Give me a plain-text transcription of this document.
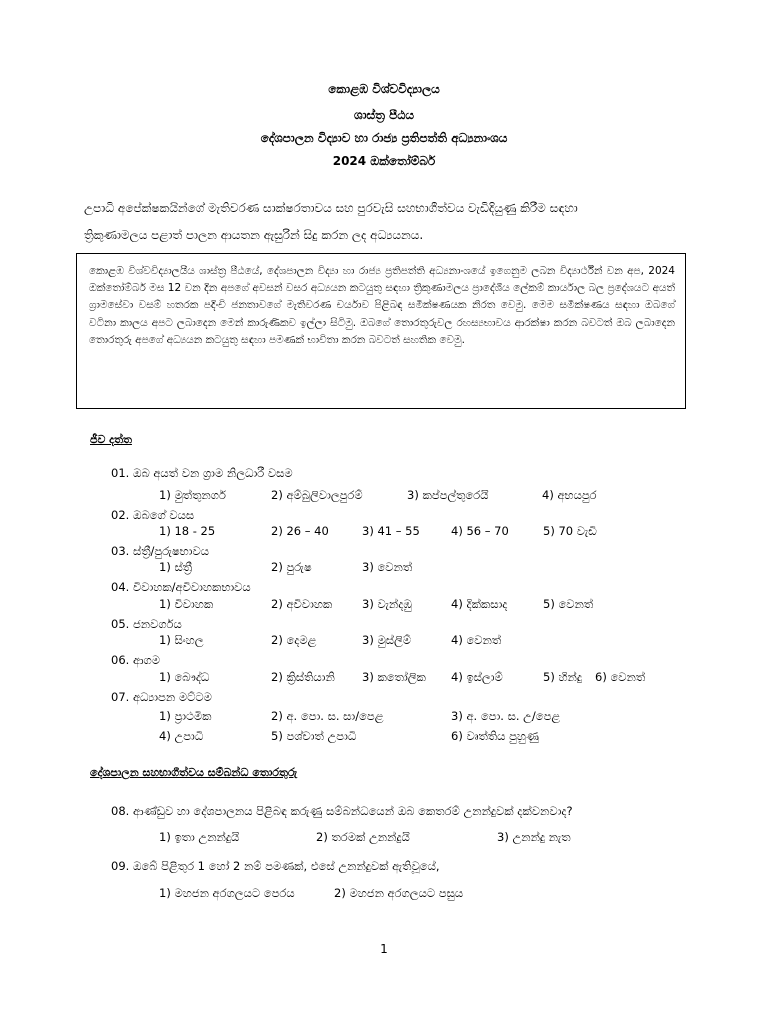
කොළඹ විශ්වවිද්‍යාලය
ශාස්ත්‍ර පීඨය
දේශපාලන විද්‍යාව හා රාජ්‍ය ප්‍රතිපත්ති අධ්‍යනාංශය
2024 ඔක්තෝම්බර්
උපාධි අපේක්ෂකයින්ගේ මැතිවරණ සාක්ෂරතාවය සහ පුරවැසි සහභාගීත්වය වැඩිදියුණු කිරීම සඳහා
ත්‍රිකුණාමලය පළාත් පාලන ආයතන ඇසුරින් සිදු කරන ලද අධ්‍යයනය.
කොළඹ විශ්වවිද්‍යාලයීය ශාස්ත්‍ර පීඨයේ, දේශපාලන විද්‍යා හා රාජ්‍ය ප්‍රතිපත්ති අධ්‍යනාංශයේ ඉගෙනුම ලබන විද්‍යාර්ථීන් වන අප, 2024 ඔක්තෝම්බර් මස 12 වන දින අපගේ අවසන් වසර අධ්‍යයන කටයුතු සඳහා ත්‍රිකුණාමලය ප්‍රාදේශීය ලේකම් කාර්යාල බල ප්‍රදේශයට අයත් ග්‍රාමසේවා වසම් හතරක පදිංචි ජනතාවගේ මැතිවරණ චර්යාව පිළිබඳ සමීක්ෂණයක නිරත වෙමු. මෙම සමීක්ෂණය සඳහා ඔබගේ වටිනා කාලය අපට ලබාදෙන මෙන් කාරුණිකව ඉල්ලා සිටිමු. ඔබගේ තොරතුරුවල රහස්‍යභාවය ආරක්ෂා කරන බවටත් ඔබ ලබාදෙන තොරතුරු අපගේ අධ්‍යයන කටයුතු සඳහා පමණක් භාවිතා කරන බවටත් සහතික වෙමු.
ජීව දත්ත
01. ඔබ අයත් වන ග්‍රාම නිලධාරී වසම
1) මුත්තුනගර්	2) අම්බුලිවාලපුරම්	3) කප්පල්තුරෙයි	4) අභයපුර
02. ඔබගේ වයස
1) 18 - 25	2) 26 – 40	3) 41 – 55	4) 56 – 70	5) 70 වැඩි
03. ස්ත්‍රී/පුරුෂභාවය
1) ස්ත්‍රී	2) පුරුෂ	3) වෙනත්
04. විවාහක/අවිවාහකභාවය
1) විවාහක	2) අවිවාහක	3) වැන්දඹු	4) දික්කසාද	5) වෙනත්
05. ජනවර්ගය
1) සිංහල	2) දෙමළ	3) මුස්ලිම්	4) වෙනත්
06. ආගම
1) බෞද්ධ	2) ක්‍රිස්තියානි 3) කතෝලික 4) ඉස්ලාම්	5) හින්දු 6) වෙනත්
07. අධ්‍යාපන මට්ටම
1) ප්‍රාථමික	2) අ. පො. ස. සා/පෙළ	3) අ. පො. ස. උ/පෙළ
4) උපාධි	5) පශ්චාත් උපාධි	6) වෘත්තිය පුහුණු
දේශපාලන සහභාගීත්වය සම්බන්ධ තොරතුරු
08. ආණ්ඩුව හා දේශපාලනය පිළිබඳ කරුණු සම්බන්ධයෙන් ඔබ කෙතරම් උනන්දුවක් දක්වනවාද?
1) ඉතා උනන්දුයි	2) තරමක් උනන්දුයි	3) උනන්දු නැත
09. ඔබේ පිළිතුර 1 හෝ 2 නම් පමණක්, එසේ උනන්දුවක් ඇතිවූයේ,
1) මහජන අරගලයට පෙරය	2) මහජන අරගලයට පසුය
1
